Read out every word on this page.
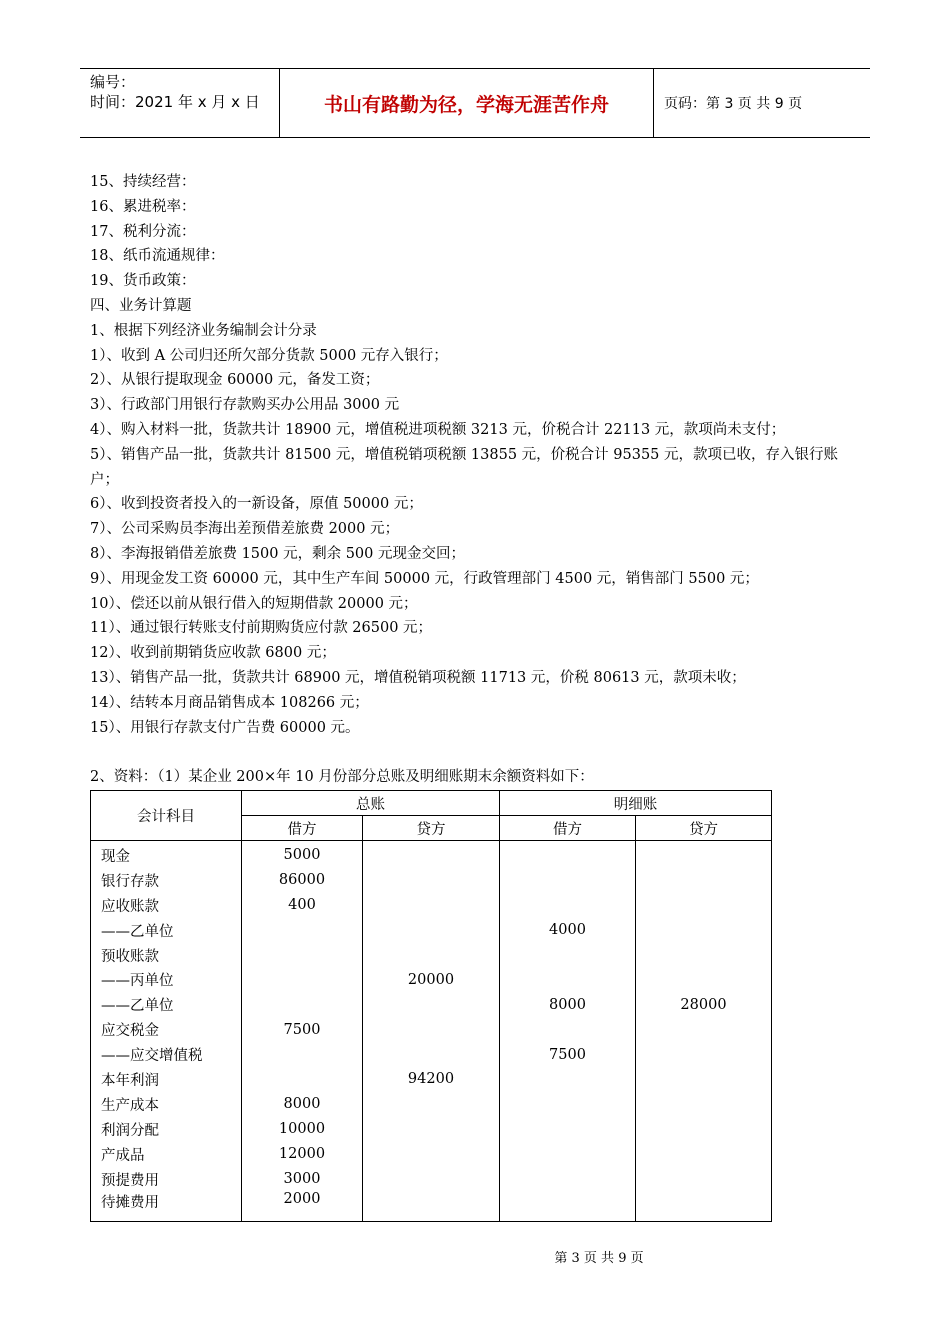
编号：
时间：2021 年 x 月 x 日	书山有路勤为径，学海无涯苦作舟	页码：第 3 页 共 9 页
15、持续经营：
16、累进税率：
17、税利分流：
18、纸币流通规律：
19、货币政策：
四、业务计算题
1、根据下列经济业务编制会计分录
1）、收到 A 公司归还所欠部分货款 5000 元存入银行；
2）、从银行提取现金 60000 元，备发工资；
3）、行政部门用银行存款购买办公用品 3000 元
4）、购入材料一批，货款共计 18900 元，增值税进项税额 3213 元，价税合计 22113 元，款项尚未支付；
5）、销售产品一批，货款共计 81500 元，增值税销项税额 13855 元，价税合计 95355 元，款项已收，存入银行账户；
6）、收到投资者投入的一新设备，原值 50000 元；
7）、公司采购员李海出差预借差旅费 2000 元；
8）、李海报销借差旅费 1500 元，剩余 500 元现金交回；
9）、用现金发工资 60000 元，其中生产车间 50000 元，行政管理部门 4500 元，销售部门 5500 元；
10）、偿还以前从银行借入的短期借款 20000 元；
11）、通过银行转账支付前期购货应付款 26500 元；
12）、收到前期销货应收款 6800 元；
13）、销售产品一批，货款共计 68900 元，增值税销项税额 11713 元，价税 80613 元，款项未收；
14）、结转本月商品销售成本 108266 元；
15）、用银行存款支付广告费 60000 元。
2、资料：（1）某企业 200×年 10 月份部分总账及明细账期末余额资料如下：
会计科目	总账		明细账	
	借方	贷方	借方	贷方
现金	5000			
银行存款	86000			
应收账款	400			
——乙单位			4000	
预收账款				
——丙单位		20000		
——乙单位			8000	28000
应交税金	7500			
——应交增值税			7500	
本年利润		94200		
生产成本	8000			
利润分配	10000			
产成品	12000			
预提费用	3000			
待摊费用	2000			
第 3 页 共 9 页
